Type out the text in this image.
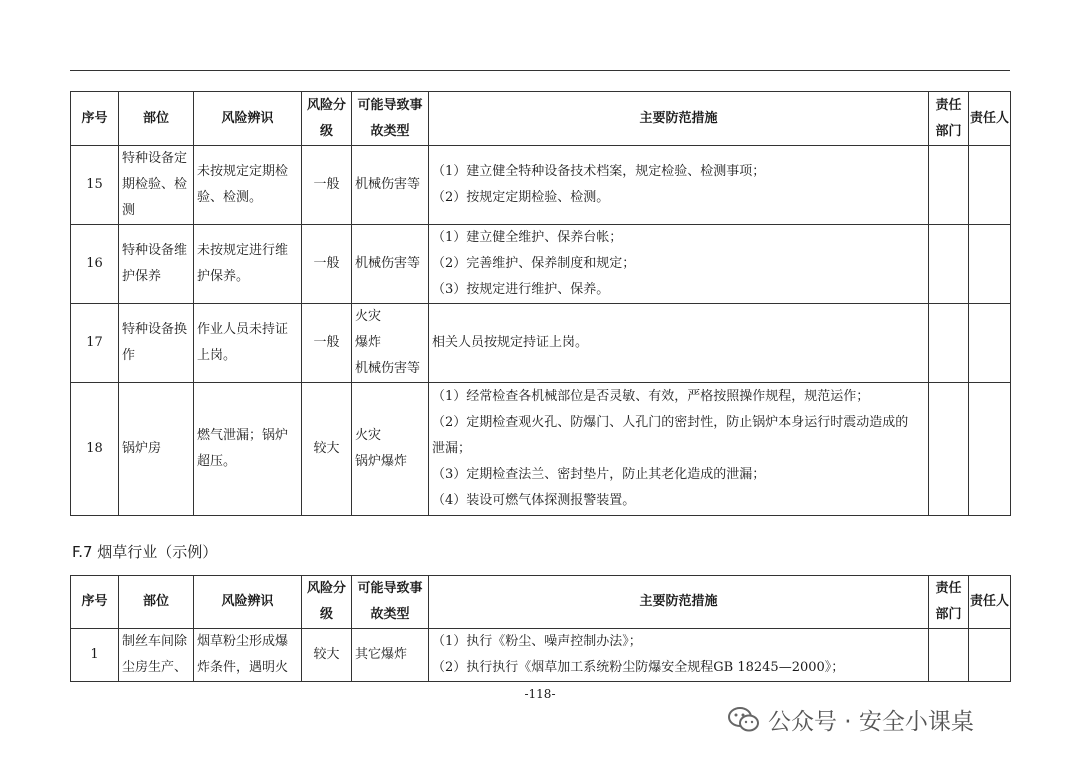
序号	部位	风险辨识	风险分级	可能导致事故类型	主要防范措施	责任部门	责任人
15	特种设备定
期检验、检
测	未按规定定期检
验、检测。	一般	机械伤害等	（1）建立健全特种设备技术档案，规定检验、检测事项；
（2）按规定定期检验、检测。		

16	特种设备维
护保养	未按规定进行维
护保养。	一般	机械伤害等	（1）建立健全维护、保养台帐；
（2）完善维护、保养制度和规定；
（3）按规定进行维护、保养。		

17	特种设备换
作	作业人员未持证
上岗。	一般	火灾
爆炸
机械伤害等	相关人员按规定持证上岗。		

18	锅炉房	燃气泄漏；锅炉
超压。	较大	火灾
锅炉爆炸	（1）经常检查各机械部位是否灵敏、有效，严格按照操作规程，规范运作；
（2）定期检查观火孔、防爆门、人孔门的密封性，防止锅炉本身运行时震动造成的
泄漏；
（3）定期检查法兰、密封垫片，防止其老化造成的泄漏；
（4）装设可燃气体探测报警装置。		

F.7 烟草行业（示例）
序号	部位	风险辨识	风险分级	可能导致事故类型	主要防范措施	责任部门	责任人
1	制丝车间除
尘房生产、	烟草粉尘形成爆
炸条件，遇明火	较大	其它爆炸	（1）执行《粉尘、噪声控制办法》；
（2）执行执行《烟草加工系统粉尘防爆安全规程GB 18245—2000》；		

-118-
公众号 · 安全小课桌
